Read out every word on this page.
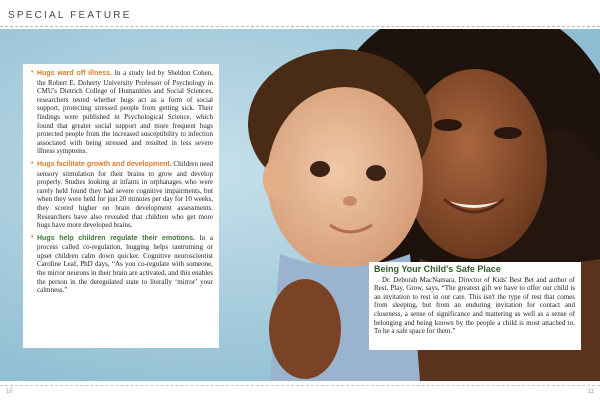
SPECIAL FEATURE

• Hugs ward off illness. In a study led by Sheldon Cohen, the Robert E. Doherty University Professor of Psychology in CMU's Dietrich College of Humanities and Social Sciences, researchers tested whether hugs act as a form of social support, protecting stressed people from getting sick. Their findings were published in Psychological Science, which found that greater social support and more frequent hugs protected people from the increased susceptibility to infection associated with being stressed and resulted in less severe illness symptoms.

• Hugs facilitate growth and development. Children need sensory stimulation for their brains to grow and develop properly. Studies looking at infants in orphanages who were rarely held found they had severe cognitive impairments, but when they were held for just 20 minutes per day for 10 weeks, they scored higher on brain development assessments. Researchers have also revealed that children who get more hugs have more developed brains.

• Hugs help children regulate their emotions. In a process called co-regulation, hugging helps tantruming or upset children calm down quicker. Cognitive neuroscientist Caroline Leaf, PhD days, “As you co-regulate with someone, the mirror neurons in their brain are activated, and this enables the person in the deregulated state to literally ‘mirror’ your calmness.”

Being Your Child's Safe Place

Dr. Deborah MacNamara, Director of Kids' Best Bet and author of Rest, Play, Grow, says, “The greatest gift we have to offer our child is an invitation to rest in our care. This isn't the type of rest that comes from sleeping, but from an enduring invitation for contact and closeness, a sense of significance and mattering as well as a sense of belonging and being known by the people a child is most attached to. To be a safe space for them.”

10	11
